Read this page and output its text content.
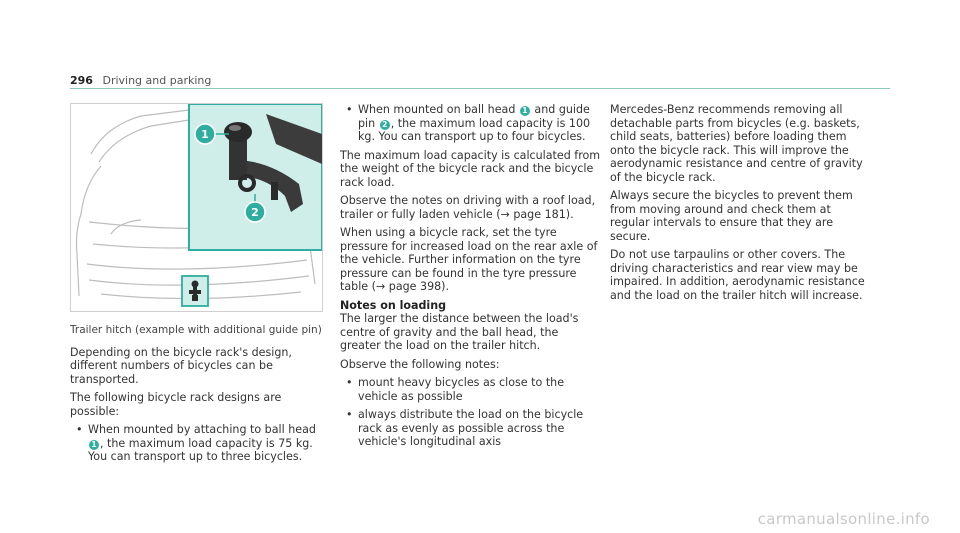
296 Driving and parking
1
2

Trailer hitch (example with additional guide pin)

Depending on the bicycle rack's design, different numbers of bicycles can be transported.

The following bicycle rack designs are possible:

• When mounted by attaching to ball head 1 , the maximum load capacity is 75 kg. You can transport up to three bicycles.
• When mounted on ball head 1 and guide pin 2 , the maximum load capacity is 100 kg. You can transport up to four bicycles.

The maximum load capacity is calculated from the weight of the bicycle rack and the bicycle rack load.

Observe the notes on driving with a roof load, trailer or fully laden vehicle (→ page 181).

When using a bicycle rack, set the tyre pressure for increased load on the rear axle of the vehicle. Further information on the tyre pressure can be found in the tyre pressure table (→ page 398).

Notes on loading

The larger the distance between the load's centre of gravity and the ball head, the greater the load on the trailer hitch.

Observe the following notes:

• mount heavy bicycles as close to the vehicle as possible
• always distribute the load on the bicycle rack as evenly as possible across the vehicle's longitudinal axis

Mercedes-Benz recommends removing all detachable parts from bicycles (e.g. baskets, child seats, batteries) before loading them onto the bicycle rack. This will improve the aerodynamic resistance and centre of gravity of the bicycle rack.

Always secure the bicycles to prevent them from moving around and check them at regular intervals to ensure that they are secure.

Do not use tarpaulins or other covers. The driving characteristics and rear view may be impaired. In addition, aerodynamic resistance and the load on the trailer hitch will increase.

carmanualsonline.info
